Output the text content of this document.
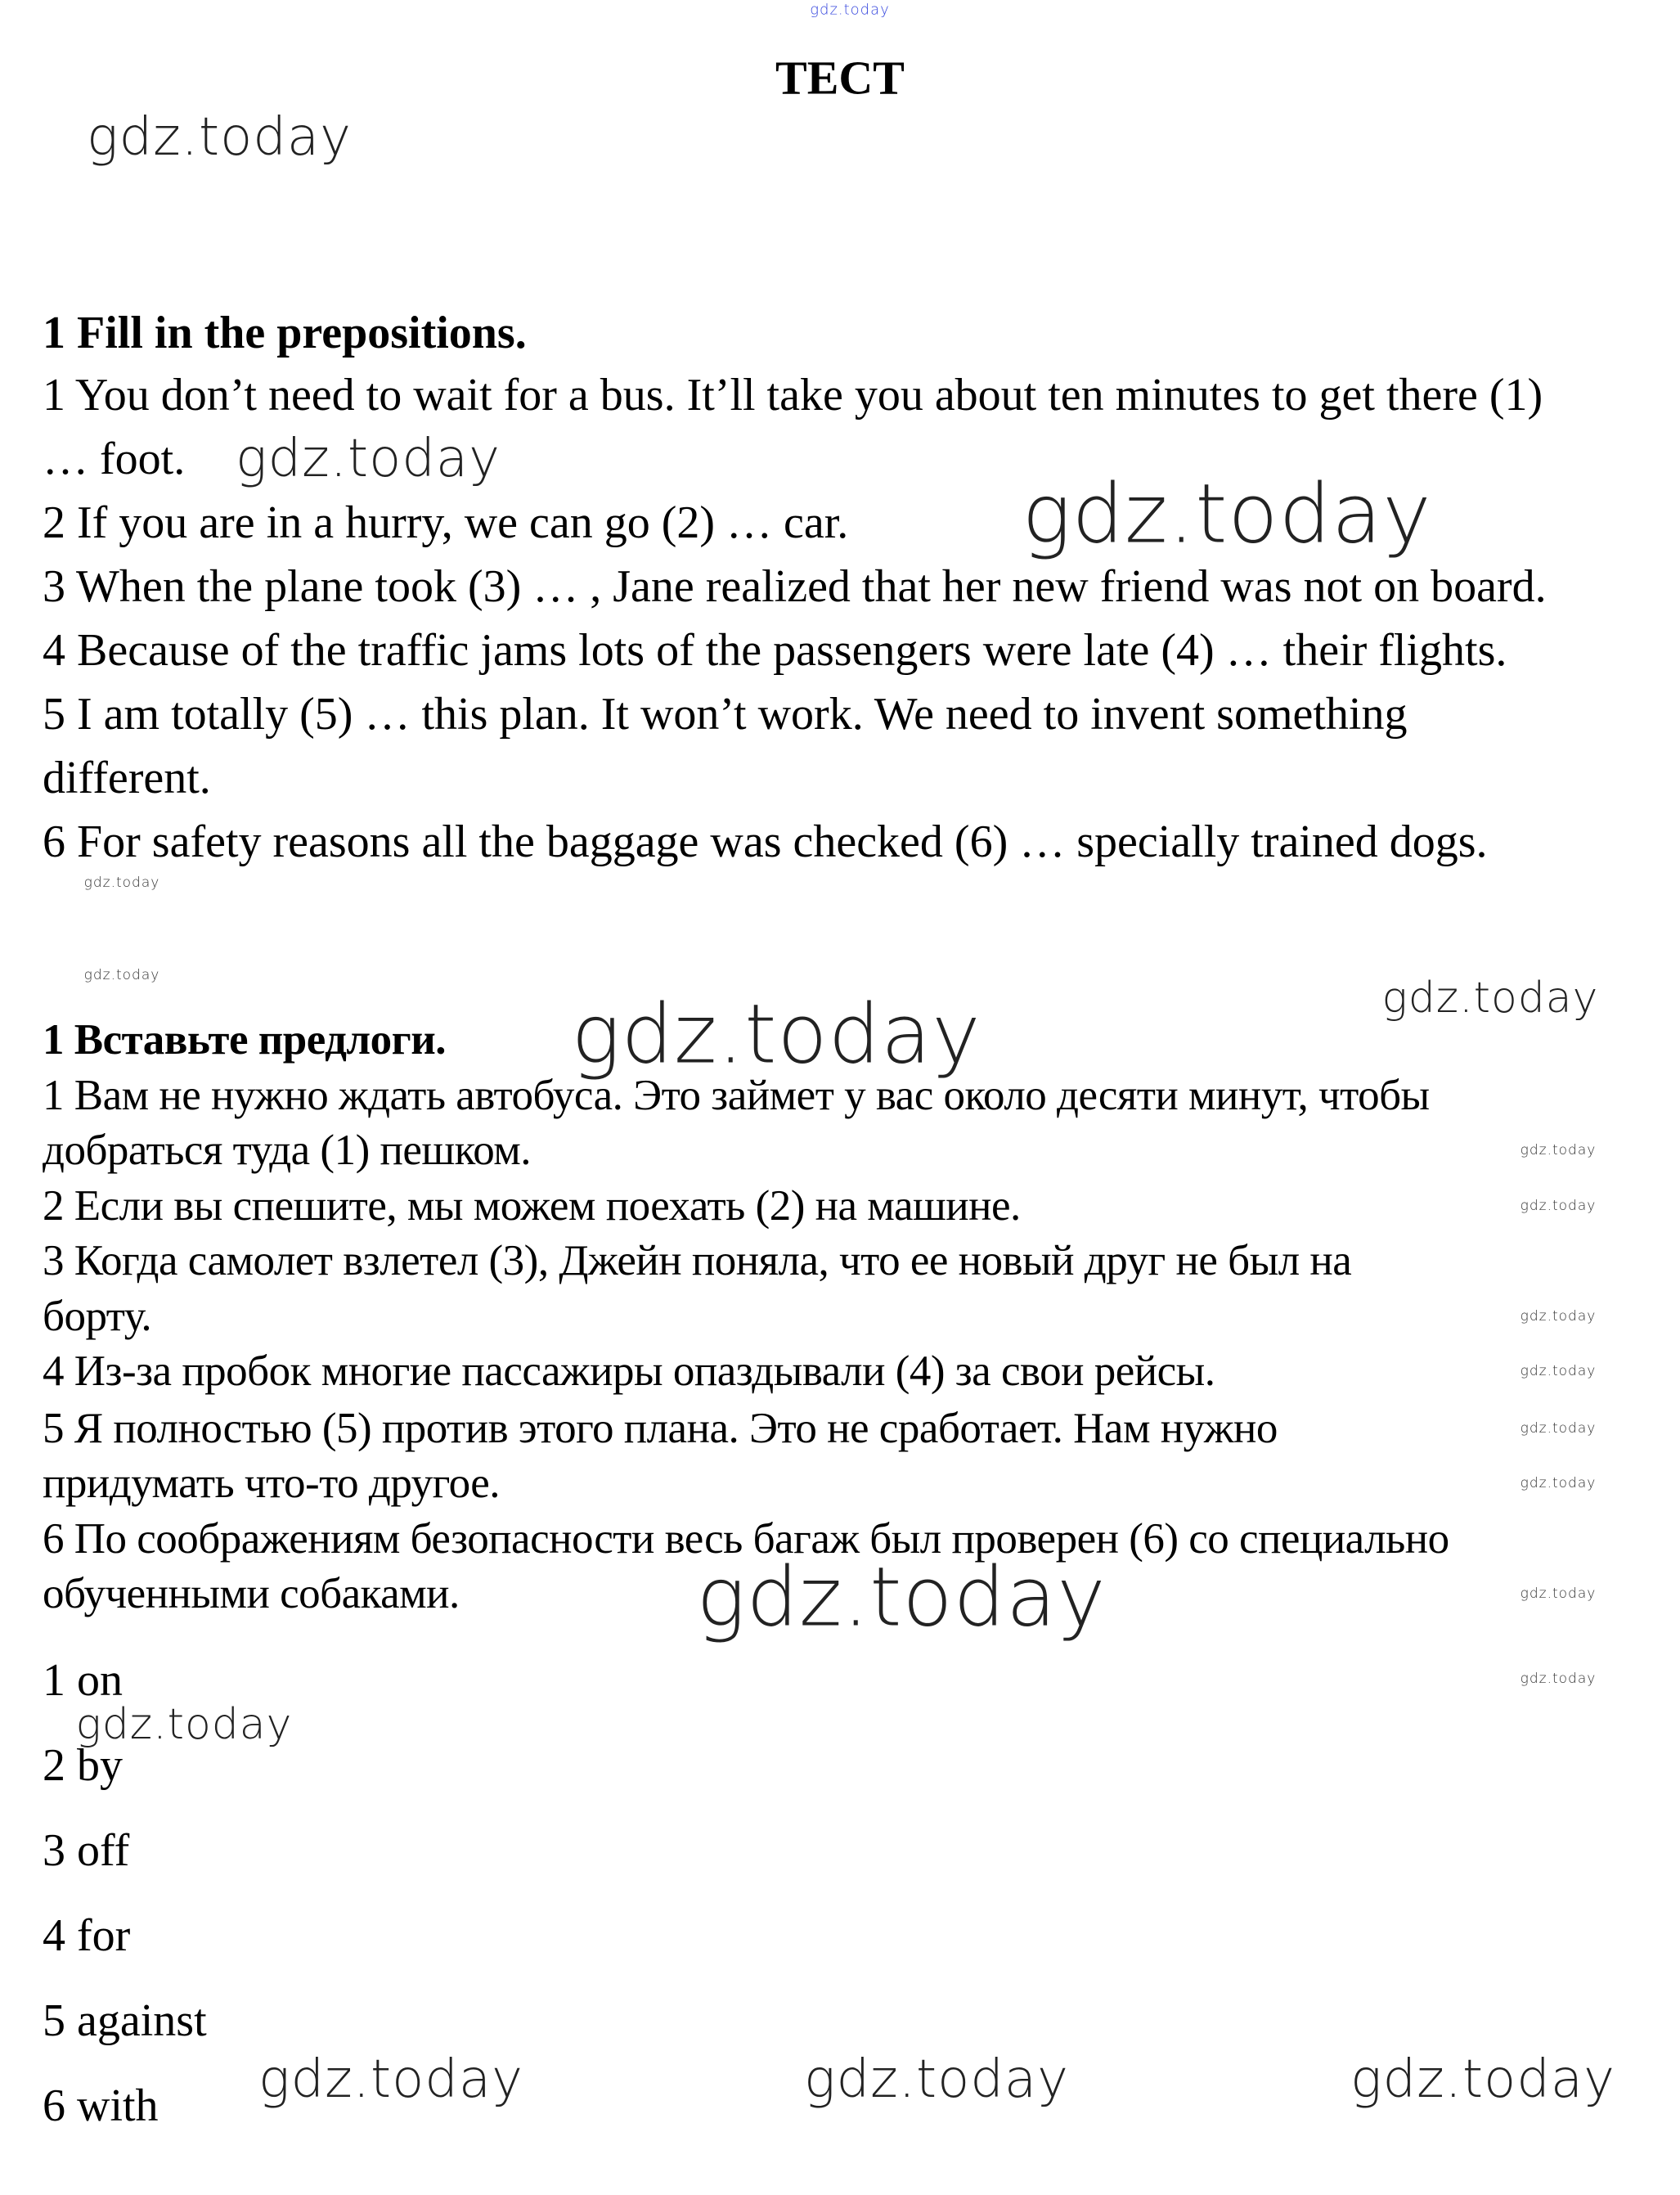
gdz.today
ТЕСТ
1 Fill in the prepositions.
1 You don’t need to wait for a bus. It’ll take you about ten minutes to get there (1)
… foot.
2 If you are in a hurry, we can go (2) … car.
3 When the plane took (3) … , Jane realized that her new friend was not on board.
4 Because of the traffic jams lots of the passengers were late (4) … their flights.
5 I am totally (5) … this plan. It won’t work. We need to invent something
different.
6 For safety reasons all the baggage was checked (6) … specially trained dogs.
1 Вставьте предлоги.
1 Вам не нужно ждать автобуса. Это займет у вас около десяти минут, чтобы
добраться туда (1) пешком.
2 Если вы спешите, мы можем поехать (2) на машине.
3 Когда самолет взлетел (3), Джейн поняла, что ее новый друг не был на
борту.
4 Из-за пробок многие пассажиры опаздывали (4) за свои рейсы.
5 Я полностью (5) против этого плана. Это не сработает. Нам нужно
придумать что-то другое.
6 По соображениям безопасности весь багаж был проверен (6) со специально
обученными собаками.
1 on
2 by
3 off
4 for
5 against
6 with
gdz.today
gdz.today
gdz.today
gdz.today	gdz.today
gdz.today
gdz.today
gdz.today	gdz.today	gdz.today
gdz.today
gdz.today
gdz.today
gdz.today
gdz.today
gdz.today
gdz.today
gdz.today
gdz.today
gdz.today
